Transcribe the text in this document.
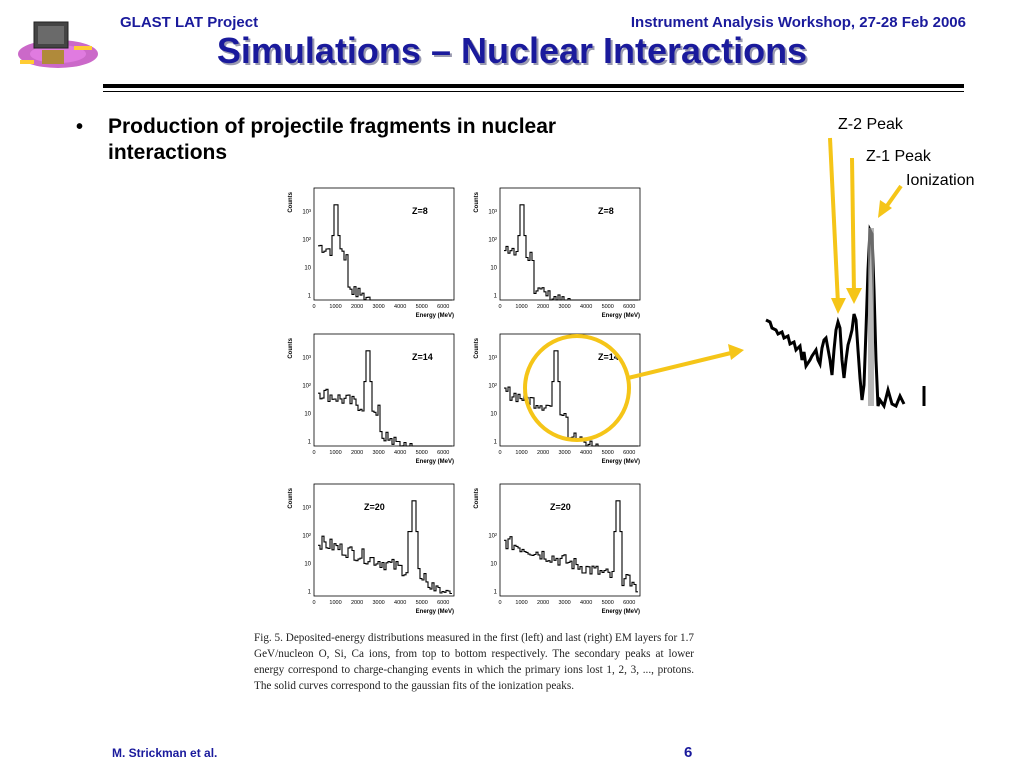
GLAST LAT Project	Instrument Analysis Workshop, 27-28 Feb 2006
Simulations – Nuclear Interactions
• Production of projectile fragments in nuclear interactions
Z=8
1
10
10²
10³
0	1000 2000 3000 4000 5000 6000
Energy (MeV)
Counts	Z=8
1
10
10²
10³
0	1000 2000 3000 4000 5000 6000
Energy (MeV)
Counts
Z=14
1
10
10²
10³
0	1000 2000 3000 4000 5000 6000
Energy (MeV)
Counts	Z=14
1
10
10²
10³
0	1000 2000 3000 4000 5000 6000
Energy (MeV)
Counts
Z=20
1
10
10²
10³
0	1000 2000 3000 4000 5000 6000
Energy (MeV)
Counts	Z=20
1
10
10²
0	1000 2000 3000 4000 5000 6000
Energy (MeV)
Counts
Fig. 5. Deposited-energy distributions measured in the first (left) and last (right) EM layers for 1.7 GeV/nucleon O, Si, Ca ions, from top to bottom respectively. The secondary peaks at lower energy correspond to charge-changing events in which the primary ions lost 1, 2, 3, ..., protons. The solid curves correspond to the gaussian fits of the ionization peaks.
Z-2 Peak
Z-1 Peak
Ionization
M. Strickman et al.	6
